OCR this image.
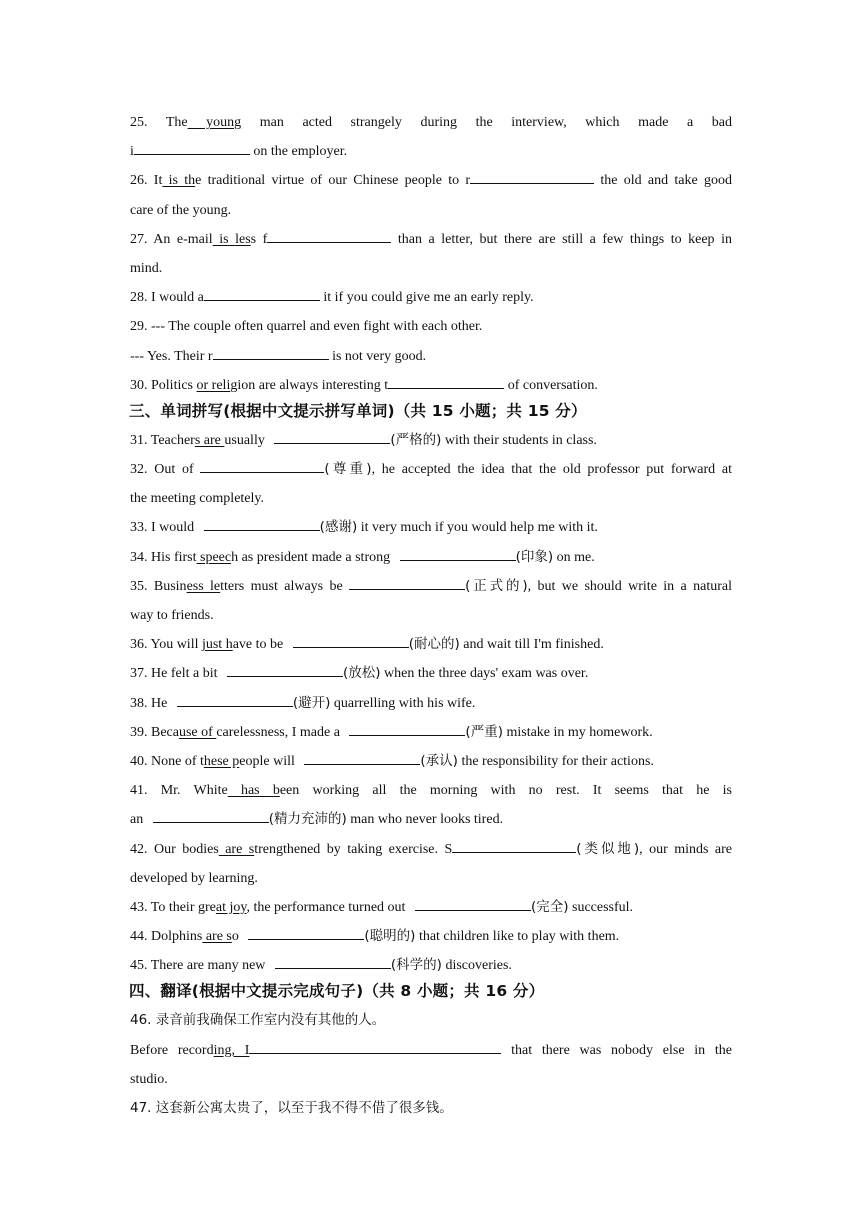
25. The young man acted strangely during the interview, which made a bad
i	on the employer.
26. It is the traditional virtue of our Chinese people to r	the old and take good
care of the young.
27. An e-mail is less f	than a letter, but there are still a few things to keep in
mind.
28. I would a	it if you could give me an early reply.
29. --- The couple often quarrel and even fight with each other.
--- Yes. Their r	is not very good.
30. Politics or religion are always interesting t	of conversation.
三、单词拼写(根据中文提示拼写单词)（共 15 小题；共 15 分）
31. Teachers are usually	(严格的) with their students in class.
32. Out of	(尊重), he accepted the idea that the old professor put forward at
the meeting completely.
33. I would	(感谢) it very much if you would help me with it.
34. His first speech as president made a strong	(印象) on me.
35. Business letters must always be	(正式的), but we should write in a natural
way to friends.
36. You will just have to be	(耐心的) and wait till I'm finished.
37. He felt a bit	(放松) when the three days' exam was over.
38. He	(避开) quarrelling with his wife.
39. Because of carelessness, I made a	(严重) mistake in my homework.
40. None of these people will	(承认) the responsibility for their actions.
41. Mr. White has been working all the morning with no rest. It seems that he is
an	(精力充沛的) man who never looks tired.
42. Our bodies are strengthened by taking exercise. S	(类似地), our minds are
developed by learning.
43. To their great joy, the performance turned out	(完全) successful.
44. Dolphins are so	(聪明的) that children like to play with them.
45. There are many new	(科学的) discoveries.
四、翻译(根据中文提示完成句子)（共 8 小题；共 16 分）
46. 录音前我确保工作室内没有其他的人。
Before recording, I	that there was nobody else in the
studio.
47. 这套新公寓太贵了，以至于我不得不借了很多钱。
